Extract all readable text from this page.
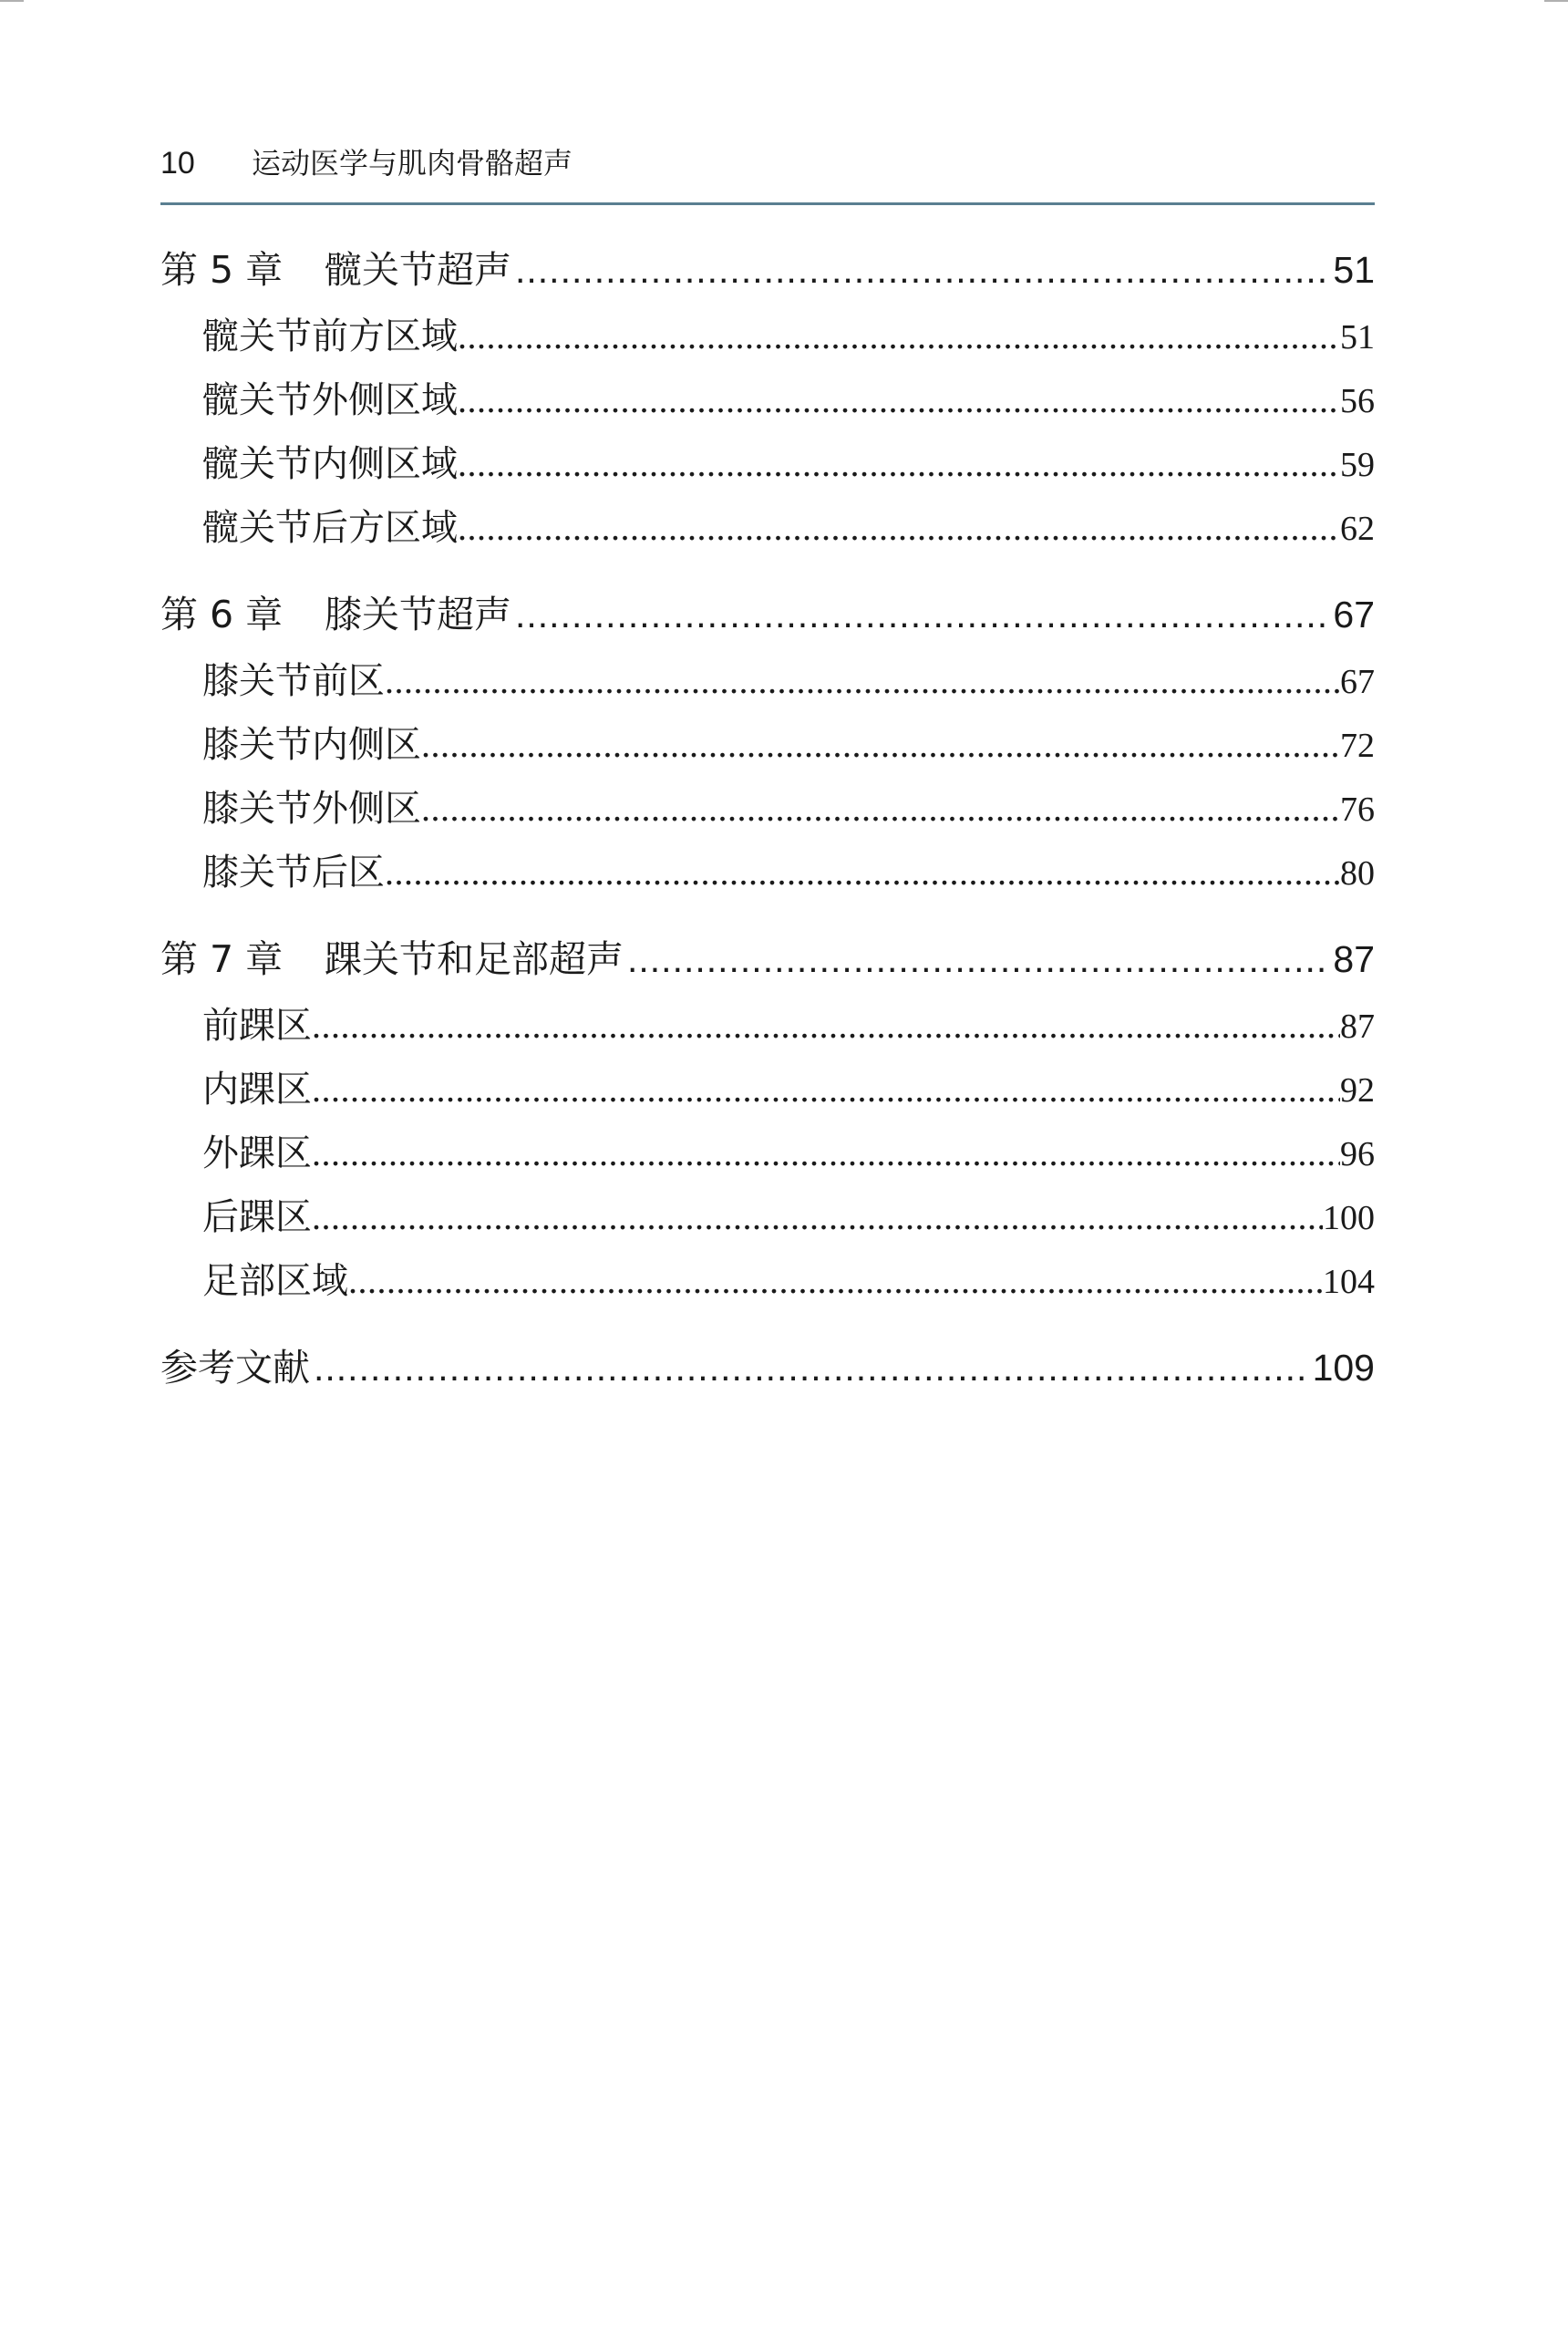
10 运动医学与肌肉骨骼超声
第 5 章	髋关节超声 .....	51
髋关节前方区域 .....	51
髋关节外侧区域 .....	56
髋关节内侧区域 .....	59
髋关节后方区域 .....	62
第 6 章	膝关节超声 .....	67
膝关节前区 .....	67
膝关节内侧区 .....	72
膝关节外侧区 .....	76
膝关节后区 .....	80
第 7 章	踝关节和足部超声 .....	87
前踝区 .....	87
内踝区 .....	92
外踝区 .....	96
后踝区 .....	100
足部区域 .....	104
参考文献 .....	109
